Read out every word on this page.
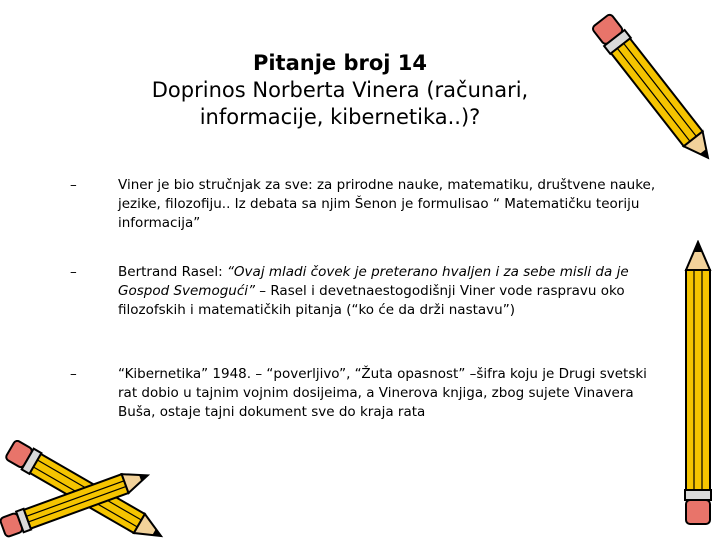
Pitanje broj 14
Doprinos Norberta Vinera (računari,
informacije, kibernetika..)?
–	Viner je bio stručnjak za sve: za prirodne nauke, matematiku, društvene nauke, jezike, filozofiju.. Iz debata sa njim Šenon je formulisao “ Matematičku teoriju informacija”
–	Bertrand Rasel: “Ovaj mladi čovek je preterano hvaljen i za sebe misli da je Gospod Svemogući” – Rasel i devetnaestogodišnji Viner vode raspravu oko filozofskih i matematičkih pitanja (“ko će da drži nastavu”)
–	“Kibernetika” 1948. – “poverljivo”, “Žuta opasnost” –šifra koju je Drugi svetski rat dobio u tajnim vojnim dosijeima, a Vinerova knjiga, zbog sujete Vinavera Buša, ostaje tajni dokument sve do kraja rata
